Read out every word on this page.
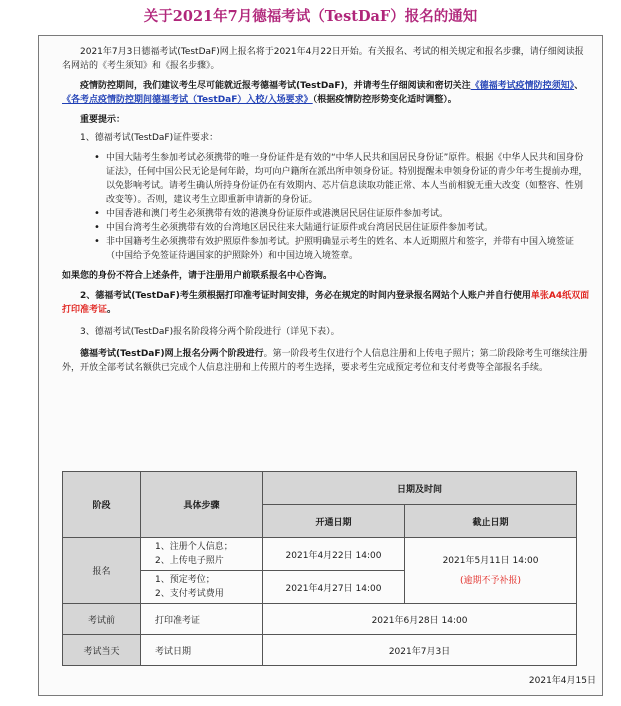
关于2021年7月德福考试（TestDaF）报名的通知

2021年7月3日德福考试(TestDaF)网上报名将于2021年4月22日开始。有关报名、考试的相关规定和报名步骤，请仔细阅读报名网站的《考生须知》和《报名步骤》。

疫情防控期间，我们建议考生尽可能就近报考德福考试(TestDaF)，并请考生仔细阅读和密切关注《德福考试疫情防控须知》、《各考点疫情防控期间德福考试（TestDaF）入校/入场要求》（根据疫情防控形势变化适时调整）。

重要提示：

1、德福考试(TestDaF)证件要求：

• 中国大陆考生参加考试必须携带的唯一身份证件是有效的“中华人民共和国居民身份证”原件。根据《中华人民共和国身份证法》，任何中国公民无论是何年龄，均可向户籍所在派出所申领身份证。特别提醒未申领身份证的青少年考生提前办理，以免影响考试。请考生确认所持身份证仍在有效期内、芯片信息读取功能正常、本人当前相貌无重大改变（如整容、性别改变等）。否则，建议考生立即重新申请新的身份证。
• 中国香港和澳门考生必须携带有效的港澳身份证原件或港澳居民居住证原件参加考试。
• 中国台湾考生必须携带有效的台湾地区居民往来大陆通行证原件或台湾居民居住证原件参加考试。
• 非中国籍考生必须携带有效护照原件参加考试。护照明确显示考生的姓名、本人近期照片和签字，并带有中国入境签证（中国给予免签证待遇国家的护照除外）和中国边境入境签章。

如果您的身份不符合上述条件，请于注册用户前联系报名中心咨询。

2、德福考试(TestDaF)考生须根据打印准考证时间安排，务必在规定的时间内登录报名网站个人账户并自行使用单张A4纸双面打印准考证。

3、德福考试(TestDaF)报名阶段将分两个阶段进行（详见下表）。

德福考试(TestDaF)网上报名分两个阶段进行。第一阶段考生仅进行个人信息注册和上传电子照片；第二阶段除考生可继续注册外，开放全部考试名额供已完成个人信息注册和上传照片的考生选择，要求考生完成预定考位和支付考费等全部报名手续。

阶段	具体步骤	日期及时间	
		开通日期	截止日期
报名	1、注册个人信息；
2、上传电子照片	2021年4月22日 14:00	2021年5月11日 14:00
(逾期不予补报)

	1、预定考位；
2、支付考试费用	2021年4月27日 14:00	
考试前	打印准考证	2021年6月28日 14:00	
考试当天	考试日期	2021年7月3日	
2021年4月15日
